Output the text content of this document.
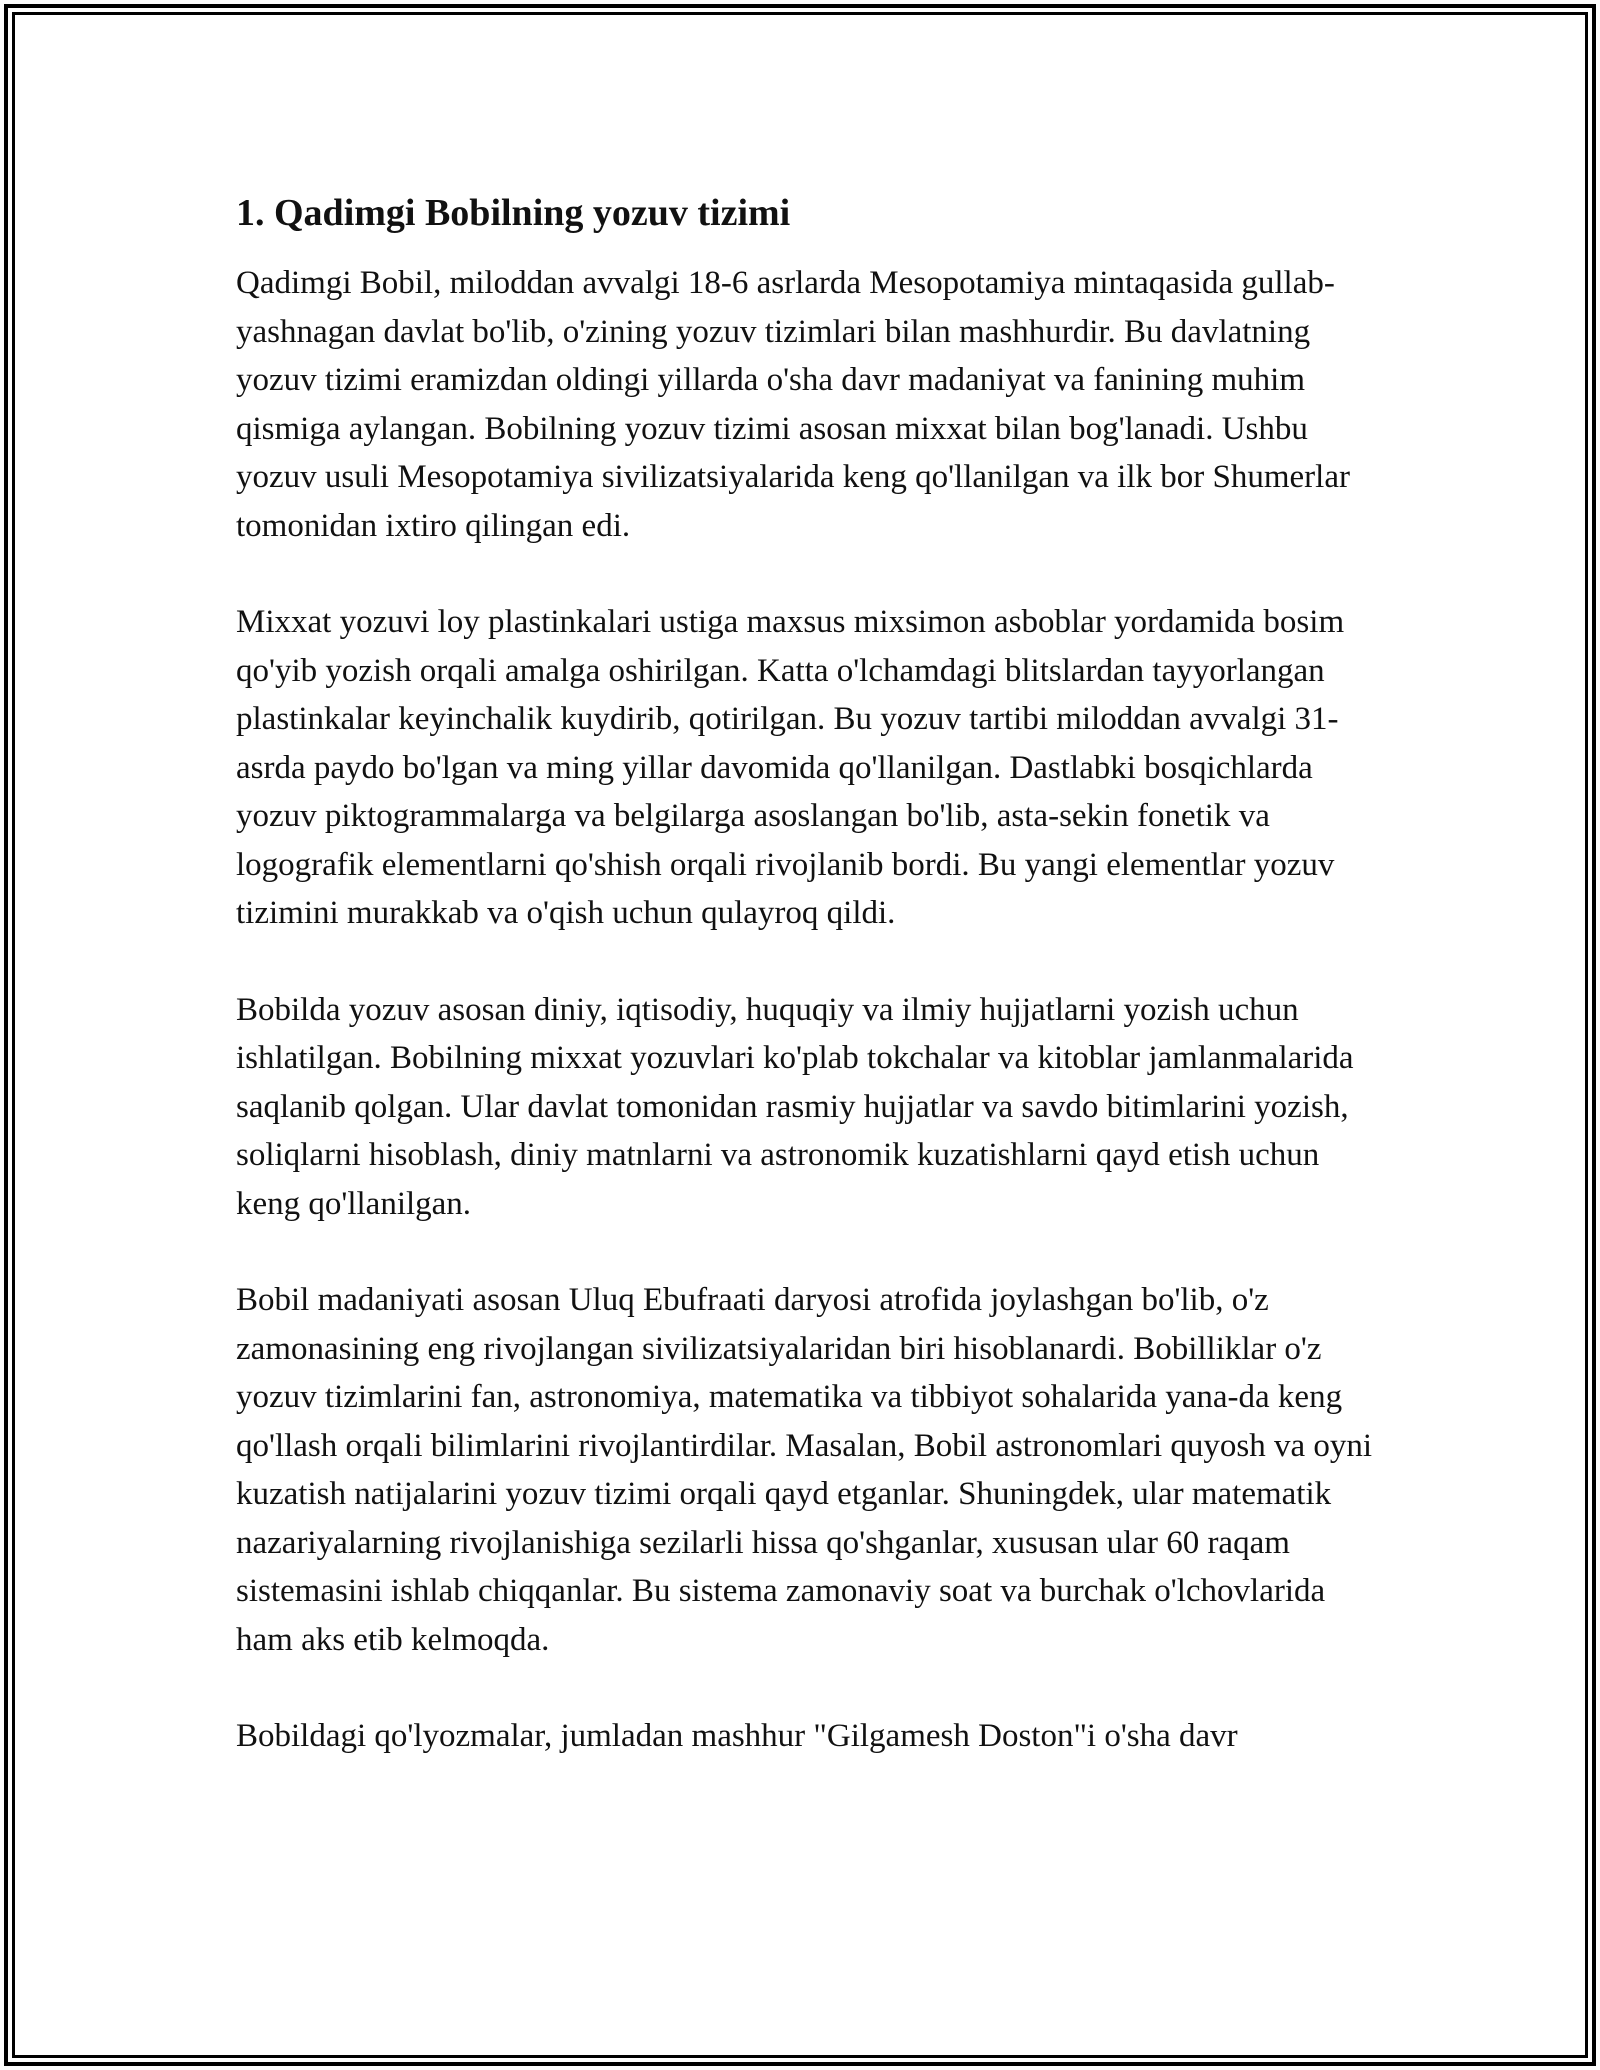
1. Qadimgi Bobilning yozuv tizimi

Qadimgi Bobil, miloddan avvalgi 18-6 asrlarda Mesopotamiya mintaqasida gullab-yashnagan davlat bo'lib, o'zining yozuv tizimlari bilan mashhurdir. Bu davlatning yozuv tizimi eramizdan oldingi yillarda o'sha davr madaniyat va fanining muhim qismiga aylangan. Bobilning yozuv tizimi asosan mixxat bilan bog'lanadi. Ushbu yozuv usuli Mesopotamiya sivilizatsiyalarida keng qo'llanilgan va ilk bor Shumerlar tomonidan ixtiro qilingan edi.

Mixxat yozuvi loy plastinkalari ustiga maxsus mixsimon asboblar yordamida bosim qo'yib yozish orqali amalga oshirilgan. Katta o'lchamdagi blitslardan tayyorlangan plastinkalar keyinchalik kuydirib, qotirilgan. Bu yozuv tartibi miloddan avvalgi 31-asrda paydo bo'lgan va ming yillar davomida qo'llanilgan. Dastlabki bosqichlarda yozuv piktogrammalarga va belgilarga asoslangan bo'lib, asta-sekin fonetik va logografik elementlarni qo'shish orqali rivojlanib bordi. Bu yangi elementlar yozuv tizimini murakkab va o'qish uchun qulayroq qildi.

Bobilda yozuv asosan diniy, iqtisodiy, huquqiy va ilmiy hujjatlarni yozish uchun ishlatilgan. Bobilning mixxat yozuvlari ko'plab tokchalar va kitoblar jamlanmalarida saqlanib qolgan. Ular davlat tomonidan rasmiy hujjatlar va savdo bitimlarini yozish, soliqlarni hisoblash, diniy matnlarni va astronomik kuzatishlarni qayd etish uchun keng qo'llanilgan.

Bobil madaniyati asosan Uluq Ebufraati daryosi atrofida joylashgan bo'lib, o'z zamonasining eng rivojlangan sivilizatsiyalaridan biri hisoblanardi. Bobilliklar o'z yozuv tizimlarini fan, astronomiya, matematika va tibbiyot sohalarida yana-da keng qo'llash orqali bilimlarini rivojlantirdilar. Masalan, Bobil astronomlari quyosh va oyni kuzatish natijalarini yozuv tizimi orqali qayd etganlar. Shuningdek, ular matematik nazariyalarning rivojlanishiga sezilarli hissa qo'shganlar, xususan ular 60 raqam sistemasini ishlab chiqqanlar. Bu sistema zamonaviy soat va burchak o'lchovlarida ham aks etib kelmoqda.

Bobildagi qo'lyozmalar, jumladan mashhur "Gilgamesh Doston"i o'sha davr
